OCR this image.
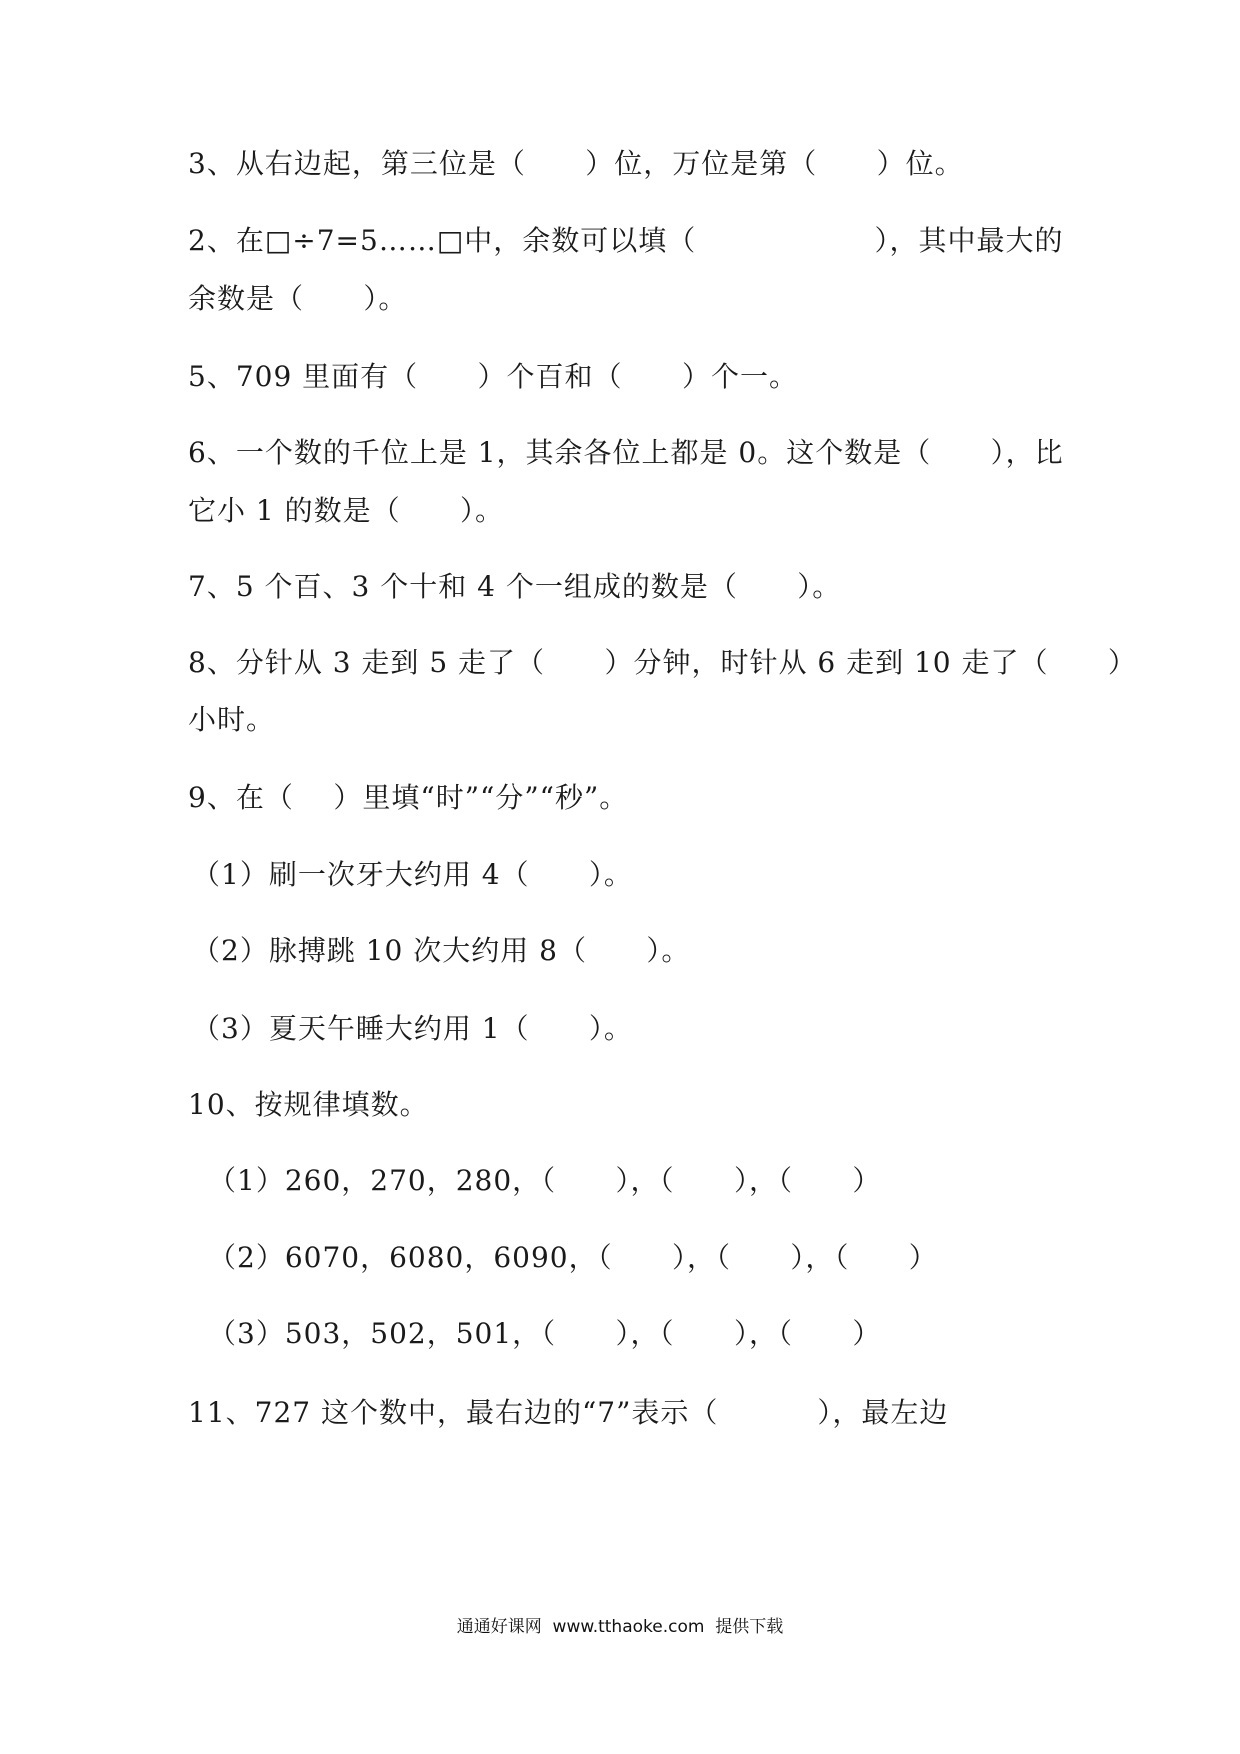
3、从右边起，第三位是（      ）位，万位是第（      ）位。
2、在□÷7=5……□中，余数可以填（                  ），其中最大的
余数是（      ）。
5、709 里面有（      ）个百和（      ）个一。
6、一个数的千位上是 1，其余各位上都是 0。这个数是（      ），比
它小 1 的数是（      ）。
7、5 个百、3 个十和 4 个一组成的数是（      ）。
8、分针从 3 走到 5 走了（      ）分钟，时针从 6 走到 10 走了（      ）
小时。
9、在（    ）里填“时”“分”“秒”。
（1）刷一次牙大约用 4（      ）。
（2）脉搏跳 10 次大约用 8（      ）。
（3）夏天午睡大约用 1（      ）。
10、按规律填数。
（1）260，270，280，（      ），（      ），（      ）
（2）6070，6080，6090，（      ），（      ），（      ）
（3）503，502，501，（      ），（      ），（      ）
11、727 这个数中，最右边的“7”表示（          ），最左边
通通好课网  www.tthaoke.com  提供下载
